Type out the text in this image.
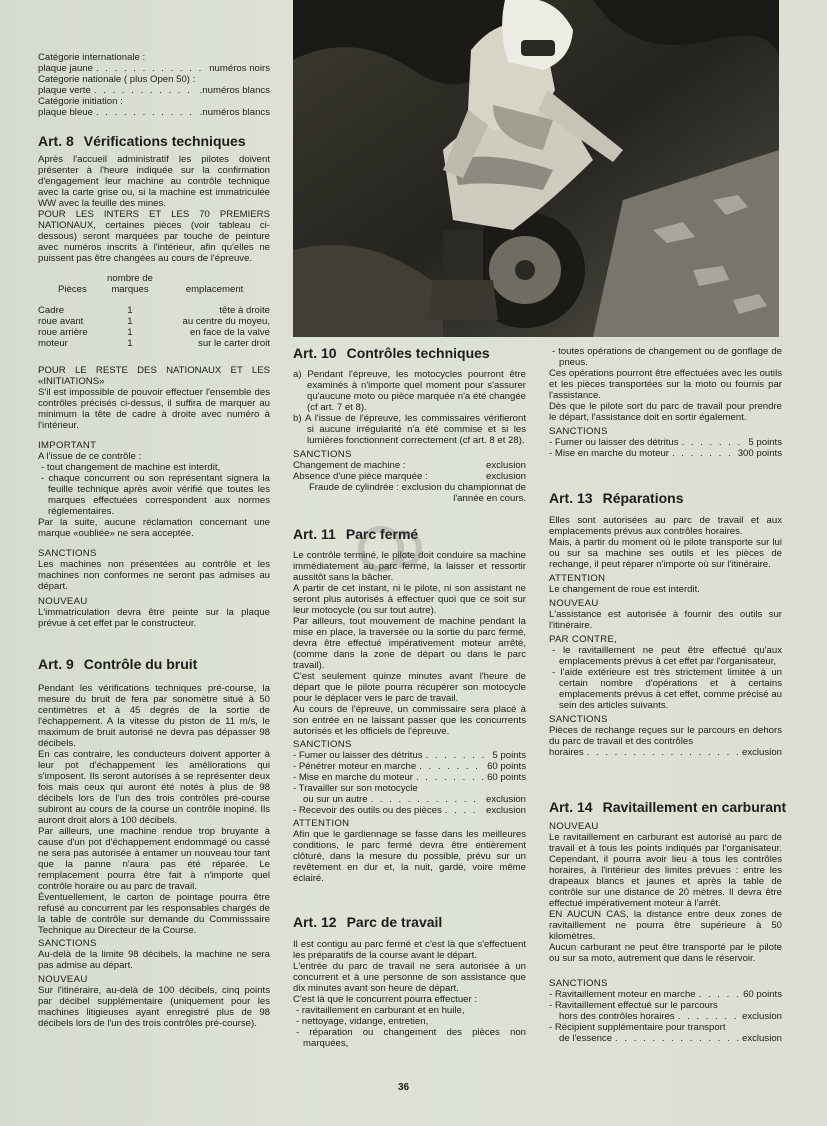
Catégorie internationale :
plaque jaune . . .	numéros noirs
Catégorie nationale ( plus Open 50) :
plaque verte . . .	.numéros blancs
Catégorie initiation :
plaque bleue . . .	.numéros blancs
Art. 8 Vérifications techniques

Après l'accueil administratif les pilotes doivent présenter à l'heure indiquée sur la confirmation d'engagement leur machine au contrôle technique avec la carte grise ou, si la machine est immatriculée WW avec la feuille des mines.

POUR LES INTERS ET LES 70 PREMIERS NATIONAUX, certaines pièces (voir tableau ci-dessous) seront marquées par touche de peinture avec numéros inscrits à l'intérieur, afin qu'elles ne puissent pas être changées au cours de l'épreuve.

	nombre de	
Pièces	marques	emplacement

Cadre	1	tête à droite
roue avant	1	au centre du moyeu,
roue arrière	1	en face de la valve
moteur	1	sur le carter droit

POUR LE RESTE DES NATIONAUX ET LES «INITIATIONS»

S'il est impossible de pouvoir effectuer l'ensemble des contrôles précisés ci-dessus, il suffira de marquer au minimum la tête de cadre à droite avec numéro à l'intérieur.

IMPORTANT

A l'issue de ce contrôle :

- tout changement de machine est interdit,

- chaque concurrent ou son représentant signera la feuille technique après avoir vérifié que toutes les marques effectuées correspondent aux normes réglementaires.

Par la suite, aucune réclamation concernant une marque «oubliée» ne sera acceptée.

SANCTIONS

Les machines non présentées au contrôle et les machines non conformes ne seront pas admises au départ.

NOUVEAU

L'immatriculation devra être peinte sur la plaque prévue à cet effet par le constructeur.

Art. 9 Contrôle du bruit

Pendant les vérifications techniques pré-course, la mesure du bruit de fera par sonomètre situé à 50 centimètres et à 45 degrés de la sortie de l'échappement. A la vitesse du piston de 11 m/s, le maximum de bruit autorisé ne devra pas dépasser 98 décibels.

En cas contraire, les conducteurs doivent apporter à leur pot d'échappement les améliorations qui s'imposent. Ils seront autorisés à se représenter deux fois mais ceux qui auront été notés à plus de 98 décibels lors de l'un des trois contrôles pré-course subiront au cours de la course un contrôle inopiné. Ils auront droit alors à 100 décibels.

Par ailleurs, une machine rendue trop bruyante à cause d'un pot d'échappement endommagé ou cassé ne sera pas autorisée à entamer un nouveau tour tant que la panne n'aura pas été réparée. Le remplacement pourra être fait à n'importe quel contrôle horaire ou au parc de travail.

Éventuellement, le carton de pointage pourra être refusé au concurrent par les responsables chargés de la table de contrôle sur demande du Commisssaire Technique au Directeur de la Course.

SANCTIONS

Au-delà de la limite 98 décibels, la machine ne sera pas admise au départ.

NOUVEAU

Sur l'itinéraire, au-delà de 100 décibels, cinq points par décibel supplémentaire (uniquement pour les machines litigieuses ayant enregistré plus de 98 décibels lors de l'un des trois contrôles pré-course).

Art. 10 Contrôles techniques

a) Pendant l'épreuve, les motocycles pourront être examinés à n'importe quel moment pour s'assurer qu'aucune moto ou pièce marquée n'a été changée (cf art. 7 et 8).

b) A l'issue de l'épreuve, les commissaires vérifieront si aucune irrégularité n'a été commise et si les lumières fonctionnent correctement (cf art. 8 et 28).

SANCTIONS
Changement de machine :	exclusion
Absence d'une pièce marquée :	exclusion

Fraude de cylindrée : exclusion du championnat de l'année en cours.

Art. 11 Parc fermé

Le contrôle terminé, le pilote doit conduire sa machine immédiatement au parc fermé, la laisser et ressortir aussitôt sans la bâcher.

A partir de cet instant, ni le pilote, ni son assistant ne seront plus autorisés à effectuer quoi que ce soit sur leur motocycle (ou sur tout autre).

Par ailleurs, tout mouvement de machine pendant la mise en place, la traversée ou la sortie du parc fermé, devra être effectué impérativement moteur arrêté, (comme dans la zone de départ ou dans le parc travail).

C'est seulement quinze minutes avant l'heure de départ que le pilote pourra récupérer son motocycle pour le déplacer vers le parc de travail.

Au cours de l'épreuve, un commissaire sera placé à son entrée en ne laissant passer que les concurrents autorisés et les officiels de l'épreuve.

SANCTIONS
- Fumer ou laisser des détritus . . .	5 points
- Pénétrer moteur en marche . . .	60 points
- Mise en marche du moteur . . .	60 points
- Travailler sur son motocycle
ou sur un autre . . .	exclusion
- Recevoir des outils ou des pièces . . .	exclusion
ATTENTION

Afin que le gardiennage se fasse dans les meilleures conditions, le parc fermé devra être entièrement clôturé, dans la mesure du possible, prévu sur un revêtement en dur et, la nuit, gardé, voire même éclairé.

Art. 12 Parc de travail

Il est contigu au parc fermé et c'est là que s'effectuent les préparatifs de la course avant le départ.

L'entrée du parc de travail ne sera autorisée à un concurrent et à une personne de son assistance que dix minutes avant son heure de départ.

C'est là que le concurrent pourra effectuer :

- ravitaillement en carburant et en huile,

- nettoyage, vidange, entretien,

- réparation ou changement des pièces non marquées,

- toutes opérations de changement ou de gonflage de pneus.

Ces opérations pourront être effectuées avec les outils et les pièces transportées sur la moto ou fournis par l'assistance.

Dès que le pilote sort du parc de travail pour prendre le départ, l'assistance doit en sortir également.

SANCTIONS
- Fumer ou laisser des détritus . . .	5 points
- Mise en marche du moteur . . .	300 points
Art. 13 Réparations

Elles sont autorisées au parc de travail et aux emplacements prévus aux contrôles horaires.

Mais, à partir du moment où le pilote transporte sur lui ou sur sa machine ses outils et les pièces de rechange, il peut réparer n'importe où sur l'itinéraire.

ATTENTION

Le changement de roue est interdit.

NOUVEAU

L'assistance est autorisée à fournir des outils sur l'itinéraire.

PAR CONTRE,

- le ravitaillement ne peut être effectué qu'aux emplacements prévus à cet effet par l'organisateur,

- l'aide extérieure est très strictement limitée à un certain nombre d'opérations et à certains emplacements prévus à cet effet, comme précisé au sein des articles suivants.

SANCTIONS

Pièces de rechange reçues sur le parcours en dehors du parc de travail et des contrôles

horaires . . .	exclusion
Art. 14 Ravitaillement en carburant
NOUVEAU

Le ravitaillement en carburant est autorisé au parc de travail et à tous les points indiqués par l'organisateur. Cependant, il pourra avoir lieu à tous les contrôles horaires, à l'intérieur des limites prévues : entre les drapeaux blancs et jaunes et après la table de contrôle sur une distance de 20 mètres. Il devra être effectué impérativement moteur à l'arrêt.

EN AUCUN CAS, la distance entre deux zones de ravitaillement ne pourra être supérieure à 50 kilomètres.

Aucun carburant ne peut être transporté par le pilote ou sur sa moto, autrement que dans le réservoir.

SANCTIONS
- Ravitaillement moteur en marche . . .	60 points
- Ravitaillement effectué sur le parcours
hors des contrôles horaires . . .	exclusion
- Récipient supplémentaire pour transport
de l'essence . . .	exclusion
36
